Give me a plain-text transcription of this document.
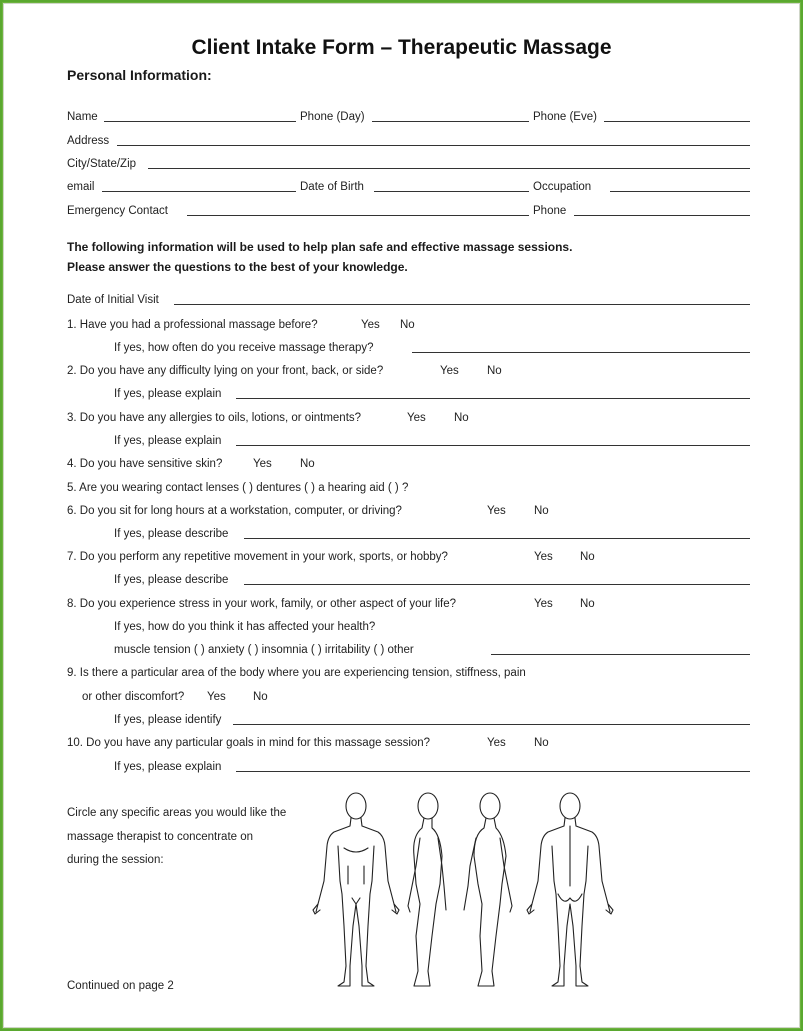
Client Intake Form – Therapeutic Massage
Personal Information:
Name	Phone (Day)	Phone (Eve)
Address
City/State/Zip
email	Date of Birth	Occupation
Emergency Contact	Phone
The following information will be used to help plan safe and effective massage sessions.
Please answer the questions to the best of your knowledge.
Date of Initial Visit
1. Have you had a professional massage before?	Yes No
If yes, how often do you receive massage therapy?
2. Do you have any difficulty lying on your front, back, or side?	Yes No
If yes, please explain
3. Do you have any allergies to oils, lotions, or ointments?	Yes No
If yes, please explain
4. Do you have sensitive skin?	Yes No
5. Are you wearing contact lenses ( ) dentures ( ) a hearing aid ( ) ?
6. Do you sit for long hours at a workstation, computer, or driving?	Yes No
If yes, please describe
7. Do you perform any repetitive movement in your work, sports, or hobby?	Yes No
If yes, please describe
8. Do you experience stress in your work, family, or other aspect of your life?	Yes No
If yes, how do you think it has affected your health?
muscle tension ( ) anxiety ( ) insomnia ( ) irritability ( ) other
9. Is there a particular area of the body where you are experiencing tension, stiffness, pain
or other discomfort? Yes No
If yes, please identify
10. Do you have any particular goals in mind for this massage session?	Yes No
If yes, please explain
Circle any specific areas you would like the
massage therapist to concentrate on
during the session:
Continued on page 2
